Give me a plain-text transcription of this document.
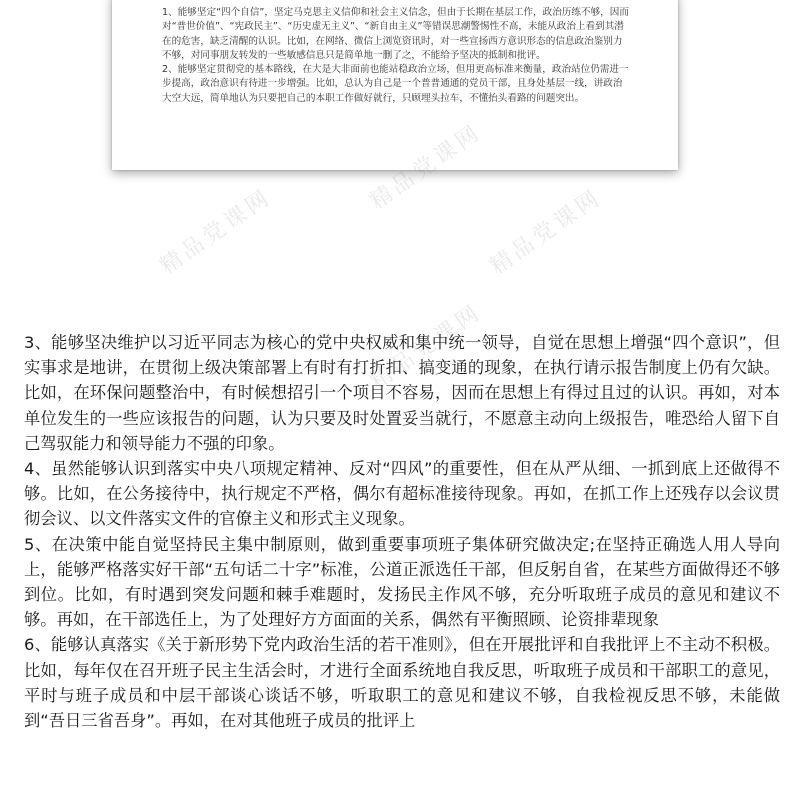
1、能够坚定“四个自信”，坚定马克思主义信仰和社会主义信念，但由于长期在基层工作，政治历练不够，因而对“普世价值”、“宪政民主”、“历史虚无主义”、“新自由主义”等错误思潮警惕性不高，未能从政治上看到其潜在的危害，缺乏清醒的认识。比如，在网络、微信上浏览资讯时，对一些宣扬西方意识形态的信息政治鉴别力不够，对同事朋友转发的一些敏感信息只是简单地一删了之，不能给予坚决的抵制和批评。

2、能够坚定贯彻党的基本路线，在大是大非面前也能站稳政治立场，但用更高标准来衡量，政治站位仍需进一步提高，政治意识有待进一步增强。比如，总认为自己是一个普普通通的党员干部，且身处基层一线，讲政治大空大远，简单地认为只要把自己的本职工作做好就行，只顾埋头拉车，不懂抬头看路的问题突出。

精品党课网	精品党课网
精品党课网
精品党课网

3、能够坚决维护以习近平同志为核心的党中央权威和集中统一领导，自觉在思想上增强“四个意识”，但实事求是地讲，在贯彻上级决策部署上有时有打折扣、搞变通的现象，在执行请示报告制度上仍有欠缺。比如，在环保问题整治中，有时候想招引一个项目不容易，因而在思想上有得过且过的认识。再如，对本单位发生的一些应该报告的问题，认为只要及时处置妥当就行，不愿意主动向上级报告，唯恐给人留下自己驾驭能力和领导能力不强的印象。

4、虽然能够认识到落实中央八项规定精神、反对“四风”的重要性，但在从严从细、一抓到底上还做得不够。比如，在公务接待中，执行规定不严格，偶尔有超标准接待现象。再如，在抓工作上还残存以会议贯彻会议、以文件落实文件的官僚主义和形式主义现象。

5、在决策中能自觉坚持民主集中制原则，做到重要事项班子集体研究做决定;在坚持正确选人用人导向上，能够严格落实好干部“五句话二十字”标准，公道正派选任干部，但反躬自省，在某些方面做得还不够到位。比如，有时遇到突发问题和棘手难题时，发扬民主作风不够，充分听取班子成员的意见和建议不够。再如，在干部选任上，为了处理好方方面面的关系，偶然有平衡照顾、论资排辈现象

6、能够认真落实《关于新形势下党内政治生活的若干准则》，但在开展批评和自我批评上不主动不积极。比如，每年仅在召开班子民主生活会时，才进行全面系统地自我反思，听取班子成员和干部职工的意见，平时与班子成员和中层干部谈心谈话不够，听取职工的意见和建议不够，自我检视反思不够，未能做到“吾日三省吾身”。再如，在对其他班子成员的批评上
